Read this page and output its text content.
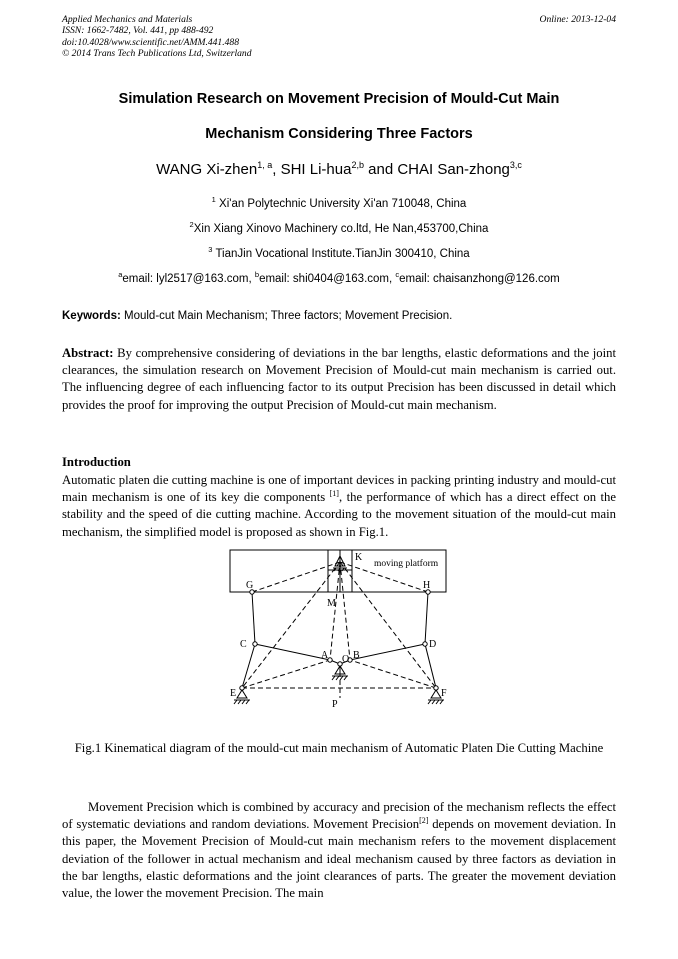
Applied Mechanics and Materials
ISSN: 1662-7482, Vol. 441, pp 488-492
doi:10.4028/www.scientific.net/AMM.441.488
© 2014 Trans Tech Publications Ltd, Switzerland
Online: 2013-12-04
Simulation Research on Movement Precision of Mould-Cut Main
Mechanism Considering Three Factors
WANG Xi-zhen$^{1, a}$, SHI Li-hua$^{2,b}$ and CHAI San-zhong$^{3,c}$
$^1$ Xi'an Polytechnic University Xi'an 710048, China
$^2$Xin Xiang Xinovo Machinery co.ltd, He Nan,453700,China
$^3$ TianJin Vocational Institute.TianJin 300410, China
$^a$email: lyl2517@163.com, $^b$email: shi0404@163.com, $^c$email: chaisanzhong@126.com
Keywords: Mould-cut Main Mechanism; Three factors; Movement Precision.
Abstract: By comprehensive considering of deviations in the bar lengths, elastic deformations and the joint clearances, the simulation research on Movement Precision of Mould-cut main mechanism is carried out. The influencing degree of each influencing factor to its output Precision has been discussed in detail which provides the proof for improving the output Precision of Mould-cut main mechanism.
Introduction
Automatic platen die cutting machine is one of important devices in packing printing industry and mould-cut main mechanism is one of its key die components [1], the performance of which has a direct effect on the stability and the speed of die cutting machine. According to the movement situation of the mould-cut main mechanism, the simplified model is proposed as shown in Fig.1.
moving platform
K
G	H
M
C	D
A O B
E	F
P
Fig.1 Kinematical diagram of the mould-cut main mechanism of Automatic Platen Die Cutting Machine
Movement Precision which is combined by accuracy and precision of the mechanism reflects the effect of systematic deviations and random deviations. Movement Precision[2] depends on movement deviation. In this paper, the Movement Precision of Mould-cut main mechanism refers to the movement displacement deviation of the follower in actual mechanism and ideal mechanism caused by three factors as deviation in the bar lengths, elastic deformations and the joint clearances of parts. The greater the movement deviation value, the lower the movement Precision. The main
